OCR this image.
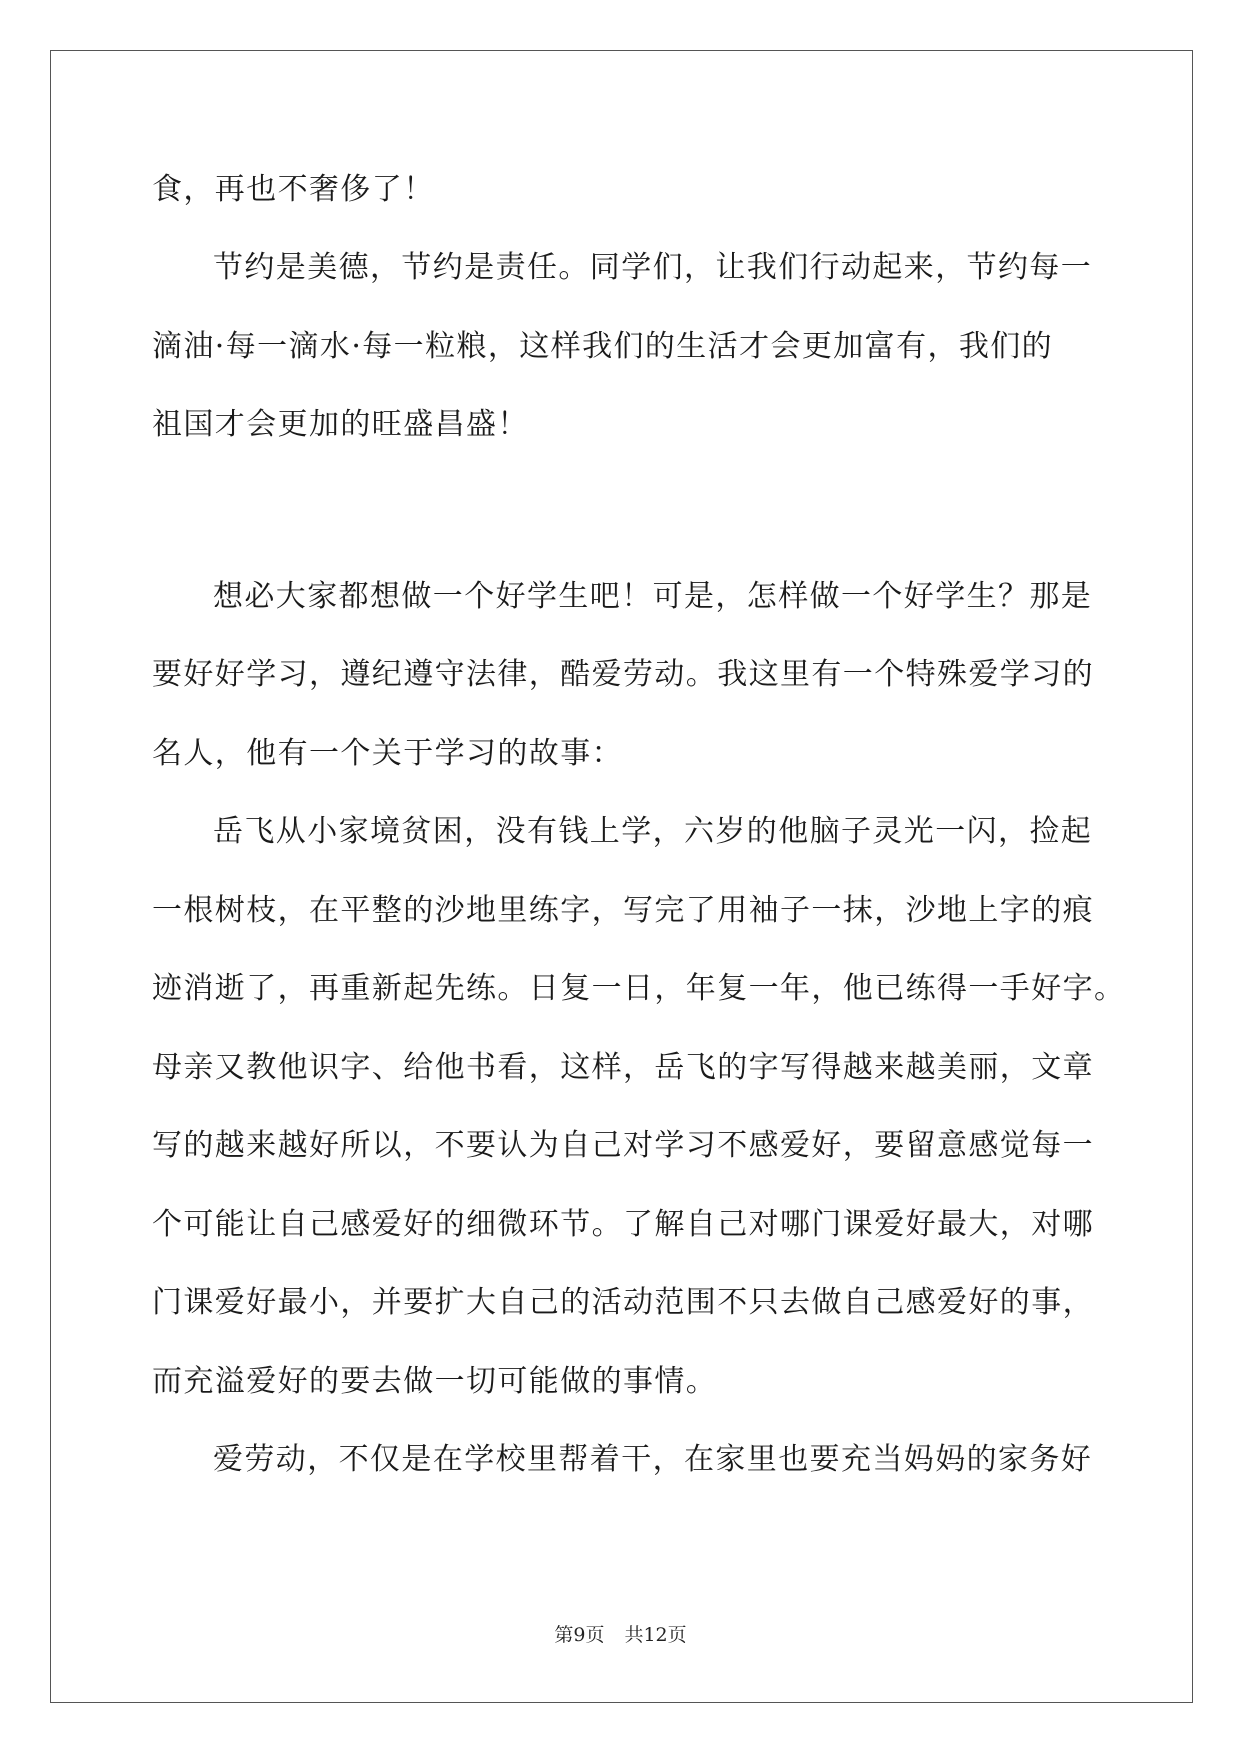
食，再也不奢侈了！
节约是美德，节约是责任。同学们，让我们行动起来，节约每一
滴油·每一滴水·每一粒粮，这样我们的生活才会更加富有，我们的
祖国才会更加的旺盛昌盛！
想必大家都想做一个好学生吧！可是，怎样做一个好学生？那是
要好好学习，遵纪遵守法律，酷爱劳动。我这里有一个特殊爱学习的
名人，他有一个关于学习的故事：
岳飞从小家境贫困，没有钱上学，六岁的他脑子灵光一闪，捡起
一根树枝，在平整的沙地里练字，写完了用袖子一抹，沙地上字的痕
迹消逝了，再重新起先练。日复一日，年复一年，他已练得一手好字。
母亲又教他识字、给他书看，这样，岳飞的字写得越来越美丽，文章
写的越来越好所以，不要认为自己对学习不感爱好，要留意感觉每一
个可能让自己感爱好的细微环节。了解自己对哪门课爱好最大，对哪
门课爱好最小，并要扩大自己的活动范围不只去做自己感爱好的事，
而充溢爱好的要去做一切可能做的事情。
爱劳动，不仅是在学校里帮着干，在家里也要充当妈妈的家务好
第9页 共12页
